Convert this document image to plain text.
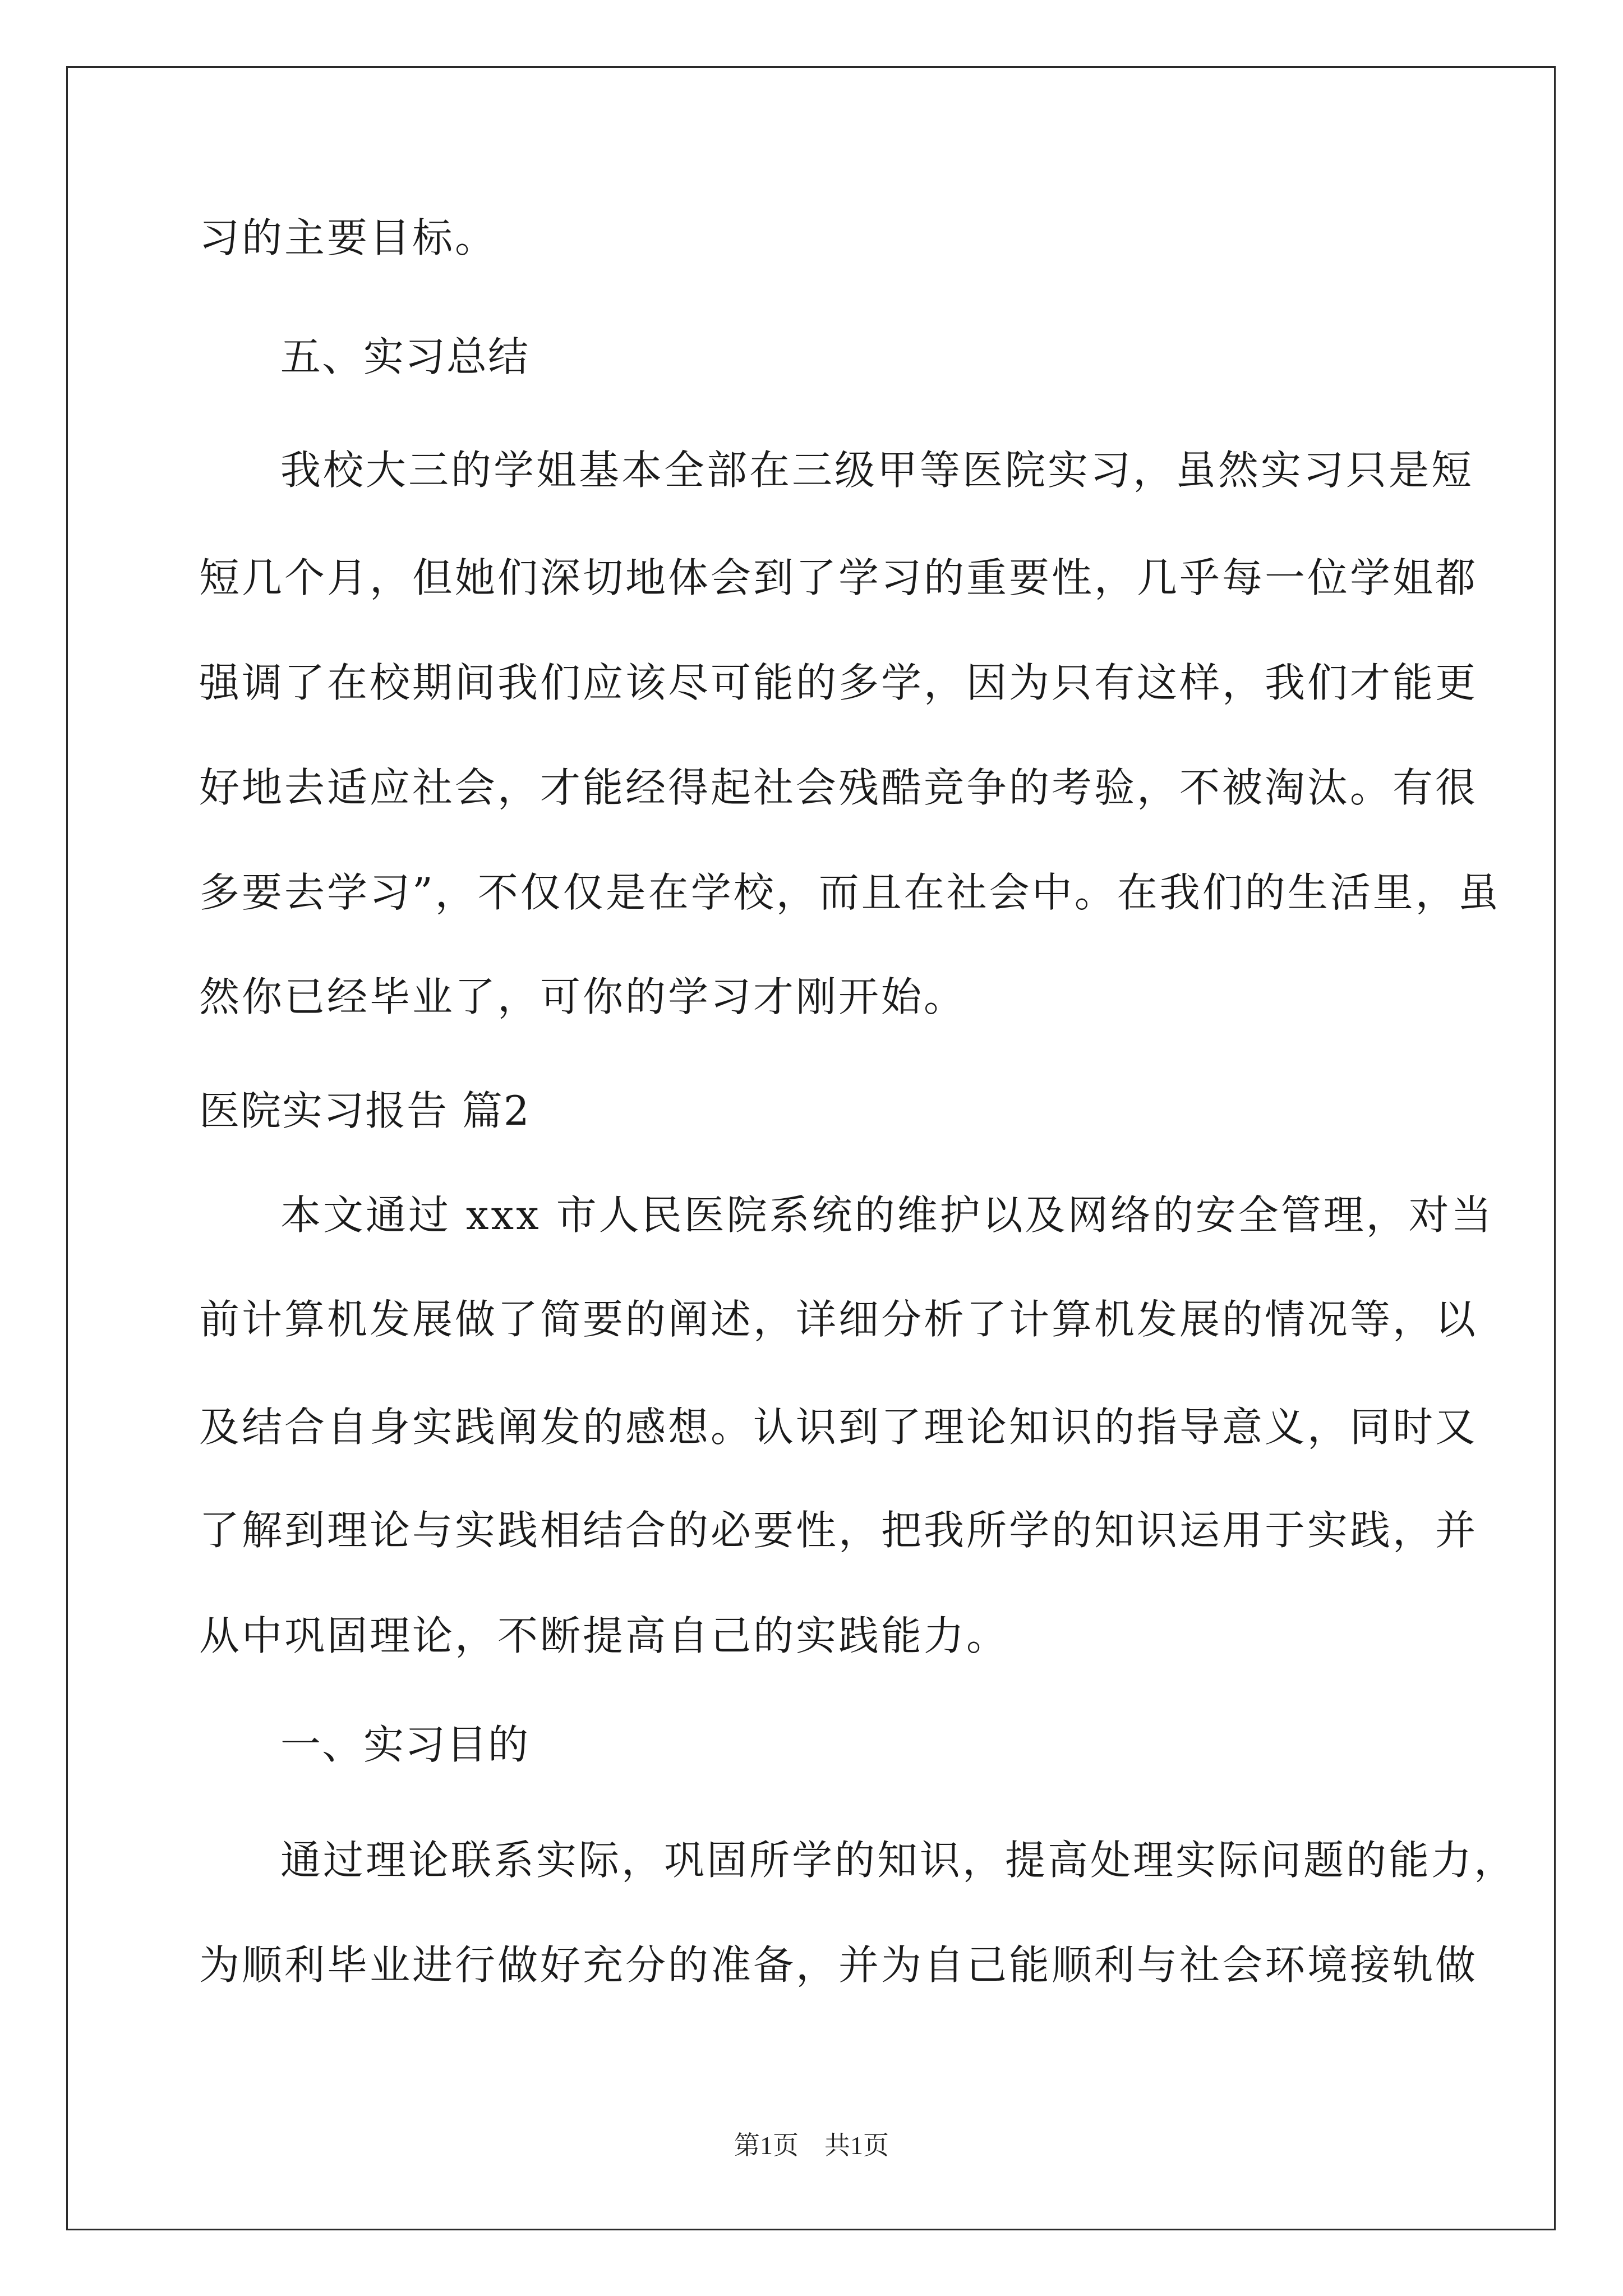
习的主要目标。
五、实习总结
我校大三的学姐基本全部在三级甲等医院实习，虽然实习只是短
短几个月，但她们深切地体会到了学习的重要性，几乎每一位学姐都
强调了在校期间我们应该尽可能的多学，因为只有这样，我们才能更
好地去适应社会，才能经得起社会残酷竞争的考验，不被淘汰。有很
多要去学习”，不仅仅是在学校，而且在社会中。在我们的生活里，虽
然你已经毕业了，可你的学习才刚开始。
医院实习报告 篇2
本文通过 xxx 市人民医院系统的维护以及网络的安全管理，对当
前计算机发展做了简要的阐述，详细分析了计算机发展的情况等，以
及结合自身实践阐发的感想。认识到了理论知识的指导意义，同时又
了解到理论与实践相结合的必要性，把我所学的知识运用于实践，并
从中巩固理论，不断提高自己的实践能力。
一、实习目的
通过理论联系实际，巩固所学的知识，提高处理实际问题的能力，
为顺利毕业进行做好充分的准备，并为自己能顺利与社会环境接轨做
第1页　共1页
